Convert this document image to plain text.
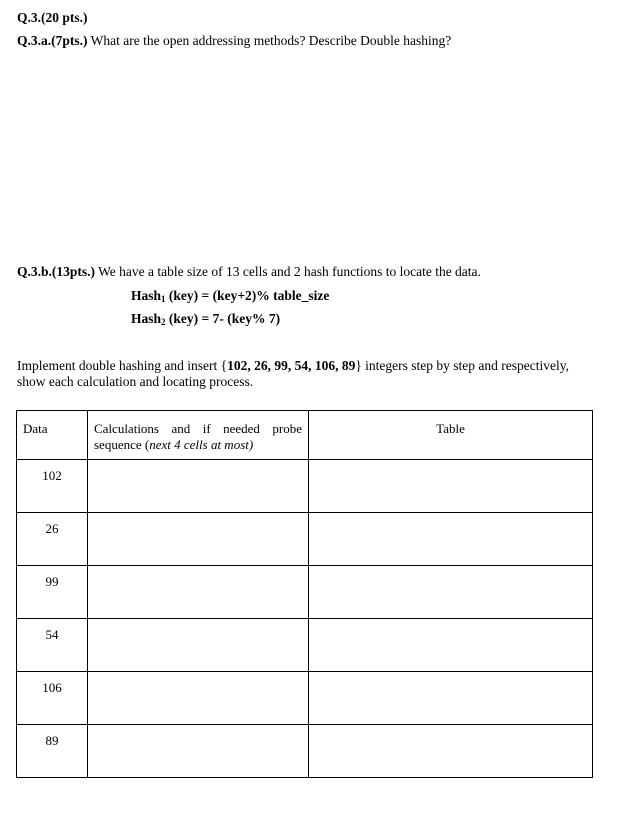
Q.3.(20 pts.)
Q.3.a.(7pts.) What are the open addressing methods? Describe Double hashing?
Q.3.b.(13pts.) We have a table size of 13 cells and 2 hash functions to locate the data.
Hash$_1$ (key) = (key+2)% table_size
Hash$_2$ (key) = 7- (key% 7)
Implement double hashing and insert {102, 26, 99, 54, 106, 89} integers step by step and respectively,
show each calculation and locating process.
Data	Calculations and if needed probe sequence (next 4 cells at most)	Table

102		

26		

99		

54		

106		

89		
